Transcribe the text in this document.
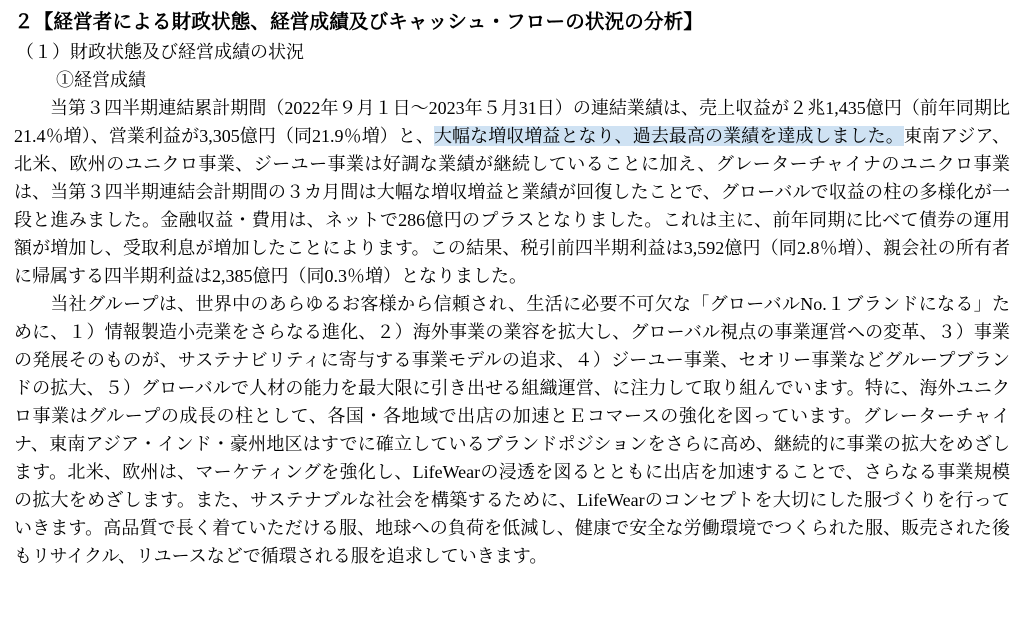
２【経営者による財政状態、経営成績及びキャッシュ・フローの状況の分析】
（１）財政状態及び経営成績の状況
①経営成績

当第３四半期連結累計期間（2022年９月１日〜2023年５月31日）の連結業績は、売上収益が２兆1,435億円（前年同期比21.4％増）、営業利益が3,305億円（同21.9％増）と、大幅な増収増益となり、過去最高の業績を達成しました。東南アジア、北米、欧州のユニクロ事業、ジーユー事業は好調な業績が継続していることに加え、グレーターチャイナのユニクロ事業は、当第３四半期連結会計期間の３カ月間は大幅な増収増益と業績が回復したことで、グローバルで収益の柱の多様化が一段と進みました。金融収益・費用は、ネットで286億円のプラスとなりました。これは主に、前年同期に比べて債券の運用額が増加し、受取利息が増加したことによります。この結果、税引前四半期利益は3,592億円（同2.8％増）、親会社の所有者に帰属する四半期利益は2,385億円（同0.3％増）となりました。

当社グループは、世界中のあらゆるお客様から信頼され、生活に必要不可欠な「グローバルNo.１ブランドになる」ために、１）情報製造小売業をさらなる進化、２）海外事業の業容を拡大し、グローバル視点の事業運営への変革、３）事業の発展そのものが、サステナビリティに寄与する事業モデルの追求、４）ジーユー事業、セオリー事業などグループブランドの拡大、５）グローバルで人材の能力を最大限に引き出せる組織運営、に注力して取り組んでいます。特に、海外ユニクロ事業はグループの成長の柱として、各国・各地域で出店の加速とＥコマースの強化を図っています。グレーターチャイナ、東南アジア・インド・豪州地区はすでに確立しているブランドポジションをさらに高め、継続的に事業の拡大をめざします。北米、欧州は、マーケティングを強化し、LifeWearの浸透を図るとともに出店を加速することで、さらなる事業規模の拡大をめざします。また、サステナブルな社会を構築するために、LifeWearのコンセプトを大切にした服づくりを行っていきます。高品質で長く着ていただける服、地球への負荷を低減し、健康で安全な労働環境でつくられた服、販売された後もリサイクル、リユースなどで循環される服を追求していきます。
